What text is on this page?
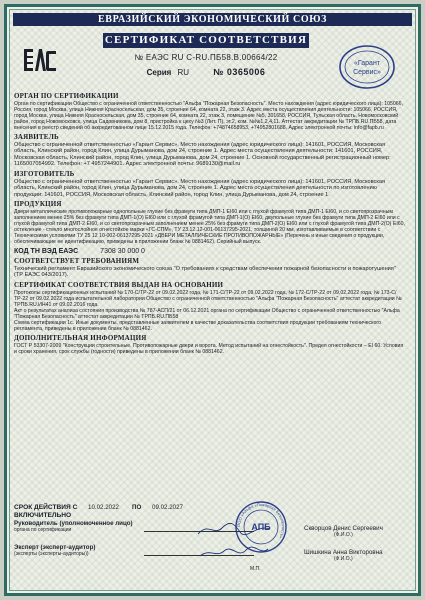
ЕВРАЗИЙСКИЙ ЭКОНОМИЧЕСКИЙ СОЮЗ
СЕРТИФИКАТ СООТВЕТСТВИЯ
№ ЕАЭС RU C-RU.ПБ58.В.00664/22
Серия RU	№ 0365006
«Гарант
Сервис»
ОРГАН ПО СЕРТИФИКАЦИИ

Орган по сертификации Общество с ограниченной ответственностью "Альфа "Пожарная Безопасность". Место нахождения (адрес юридического лица): 105066, Россия, город Москва, улица Нижняя Красносельская, дом 35, строение 64, комната 22, этаж 3. Адрес места осуществления деятельности: 105066, РОССИЯ, город Москва, улица Нижняя Красносельская, дом 35, строение 64, комната 22, этаж 3, помещение №5, 301658, РОССИЯ, Тульская область, Новомосковский район, город Новомосковск, улица Садовникова, дом 8, пристройка к цеху №3 (Лит. П), эт.2, ком. №№1,2,4,11. Аттестат аккредитации № ТРПБ.RU.ПБ58, дата внесения в реестр сведений об аккредитованном лице 15.12.2015 года. Телефон: +74874658953, +74952801688. Адрес электронной почты: info@fapb.ru

ЗАЯВИТЕЛЬ

Общество с ограниченной ответственностью «Гарант Сервис». Место нахождения (адрес юридического лица): 141601, РОССИЯ, Московская область, Клинский район, город Клин, улица Дурыманова, дом 24, строение 1. Адрес места осуществления деятельности: 141601, РОССИЯ, Московская область, Клинский район, город Клин, улица Дурыманова, дом 24, строение 1. Основной государственный регистрационный номер: 1165007054992. Телефон: +7 4957244901. Адрес электронной почты: 9689130@mail.ru

ИЗГОТОВИТЕЛЬ

Общество с ограниченной ответственностью «Гарант Сервис». Место нахождения (адрес юридического лица): 141601, РОССИЯ, Московская область, Клинский район, город Клин, улица Дурыманова, дом 24, строение 1. Адрес места осуществления деятельности по изготовлению продукции: 141601, РОССИЯ, Московская область, Клинский район, город Клин, улица Дурыманова, дом 24, строение 1.

ПРОДУКЦИЯ

Двери металлические противопожарные однопольные глухие без фрамуги типа ДМП-1 EI60 или с глухой фрамугой типа ДМП-1 EI60, и со светопрозрачным заполнением менее 25% без фрамуги типа ДМП-1(O) EI60 или с глухой фрамугой типа ДМП-1(O) EI60, двупольные глухие без фрамуги типа ДМП-2 EI60 или с глухой фрамугой типа ДМП-2 EI60, и со светопрозрачным заполнением менее 25% без фрамуги типа ДМП-2(O) EI60 или с глухой фрамугой типа ДМП-2(O) EI60, остекление - стекло многослойное огнестойкое марки «ГС-СПМ», ТУ 23.12.12-001-06137295-2021, толщиной 20 мм, изготавливаемые в соответствии с Техническими условиями ТУ 25 12 10-002-06137295-2021 «ДВЕРИ МЕТАЛЛИЧЕСКИЕ ПРОТИВОПОЖАРНЫЕ» (Перечень и иные сведения о продукции, обеспечивающие ее идентификацию, приведены в приложении бланк № 0881462). Серийный выпуск.

КОД ТН ВЭД ЕАЭС	7308 30 000 0
СООТВЕТСТВУЕТ ТРЕБОВАНИЯМ

Технический регламент Евразийского экономического союза "О требованиях к средствам обеспечения пожарной безопасности и пожаротушения" (ТР ЕАЭС 043/2017).

СЕРТИФИКАТ СООТВЕТСТВИЯ ВЫДАН НА ОСНОВАНИИ

Протоколы сертификационных испытаний № 170-С/ТР-22 от 09.02.2022 года, № 171-С/ТР-22 от 09.02.2022 года, № 172-С/ТР-22 от 09.02.2022 года, № 173-С/ТР-22 от 09.02.2022 года испытательной лаборатории Общество с ограниченной ответственностью "Альфа "Пожарная Безопасность" аттестат аккредитации № ТРПБ.RU.ИН41 от 09.02.2016 года.

Акт о результатах анализа состояния производства № 787-АСП/21 от 06.12.2021 органа по сертификации Общество с ограниченной ответственностью "Альфа "Пожарная Безопасность" аттестат аккредитации № ТРПБ.RU.ПБ58

Схема сертификации 1с. Иные документы, представленные заявителем в качестве доказательства соответствия продукции требованиям технического регламента, приведены в приложении бланк № 0881462.

ДОПОЛНИТЕЛЬНАЯ ИНФОРМАЦИЯ

ГОСТ Р 53307-2009 "Конструкции строительные. Противопожарные двери и ворота. Метод испытаний на огнестойкость". Предел огнестойкости – EI 60. Условия и сроки хранения, срок службы (годности) приведены в приложении бланк № 0881462.

СРОК ДЕЙСТВИЯ С 10.02.2022 ПО 09.02.2027
ВКЛЮЧИТЕЛЬНО
ООО «Альфа «Пожарная Безопасность»
АПБ
Руководитель (уполномоченное лицо)
органа по сертификации	Скворцов Денис Сергеевич
(Ф.И.О.)
Эксперт (эксперт-аудитор)
(эксперты (эксперты-аудиторы))	Шишкина Анна Викторовна
(Ф.И.О.)
М.П.
